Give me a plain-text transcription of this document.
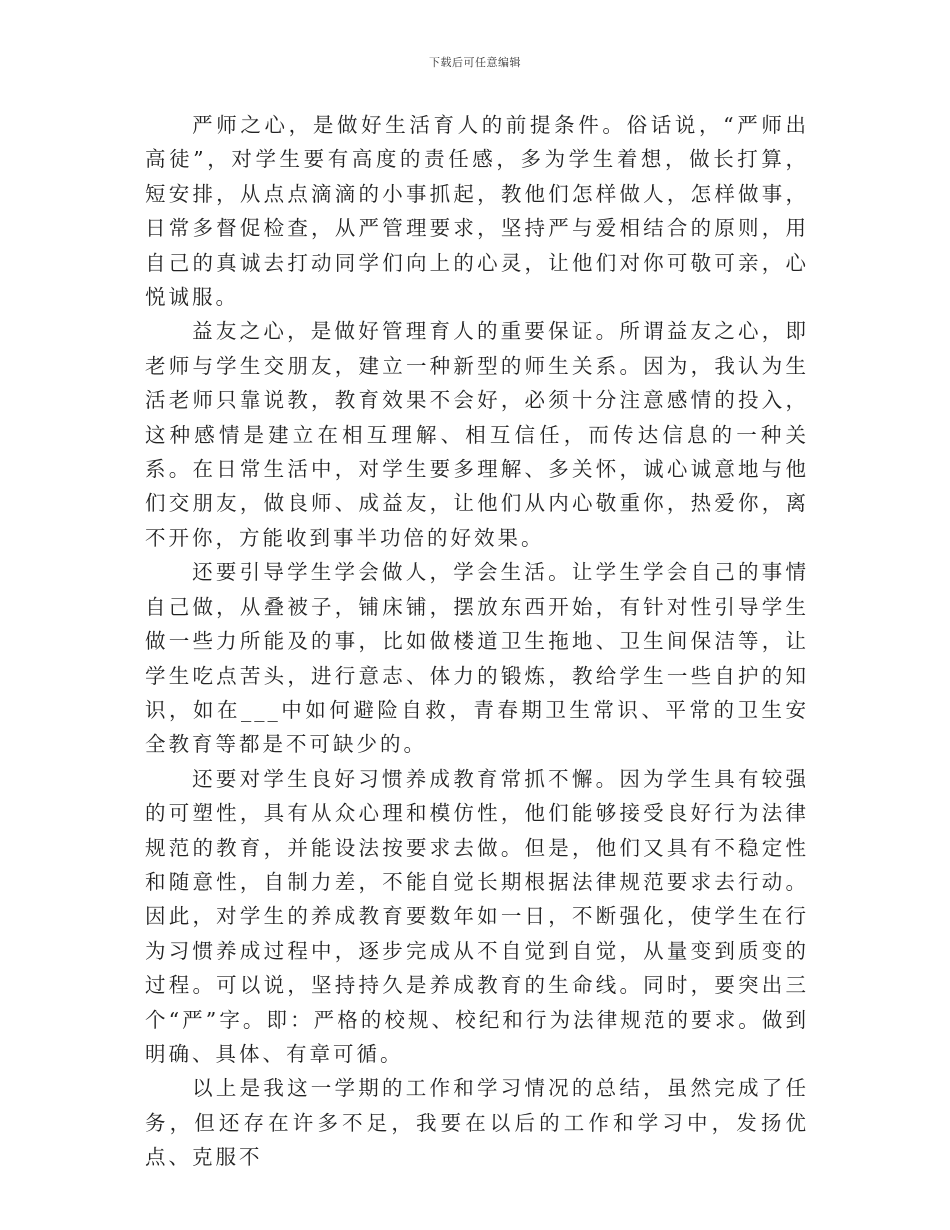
下载后可任意编辑

严师之心，是做好生活育人的前提条件。俗话说，“严师出高徒”，对学生要有高度的责任感，多为学生着想，做长打算，短安排，从点点滴滴的小事抓起，教他们怎样做人，怎样做事，日常多督促检查，从严管理要求，坚持严与爱相结合的原则，用自己的真诚去打动同学们向上的心灵，让他们对你可敬可亲，心悦诚服。

益友之心，是做好管理育人的重要保证。所谓益友之心，即老师与学生交朋友，建立一种新型的师生关系。因为，我认为生活老师只靠说教，教育效果不会好，必须十分注意感情的投入，这种感情是建立在相互理解、相互信任，而传达信息的一种关系。在日常生活中，对学生要多理解、多关怀，诚心诚意地与他们交朋友，做良师、成益友，让他们从内心敬重你，热爱你，离不开你，方能收到事半功倍的好效果。

还要引导学生学会做人，学会生活。让学生学会自己的事情自己做，从叠被子，铺床铺，摆放东西开始，有针对性引导学生做一些力所能及的事，比如做楼道卫生拖地、卫生间保洁等，让学生吃点苦头，进行意志、体力的锻炼，教给学生一些自护的知识，如在___中如何避险自救，青春期卫生常识、平常的卫生安全教育等都是不可缺少的。

还要对学生良好习惯养成教育常抓不懈。因为学生具有较强的可塑性，具有从众心理和模仿性，他们能够接受良好行为法律规范的教育，并能设法按要求去做。但是，他们又具有不稳定性和随意性，自制力差，不能自觉长期根据法律规范要求去行动。因此，对学生的养成教育要数年如一日，不断强化，使学生在行为习惯养成过程中，逐步完成从不自觉到自觉，从量变到质变的过程。可以说，坚持持久是养成教育的生命线。同时，要突出三个“严”字。即：严格的校规、校纪和行为法律规范的要求。做到明确、具体、有章可循。

以上是我这一学期的工作和学习情况的总结，虽然完成了任务，但还存在许多不足，我要在以后的工作和学习中，发扬优点、克服不
